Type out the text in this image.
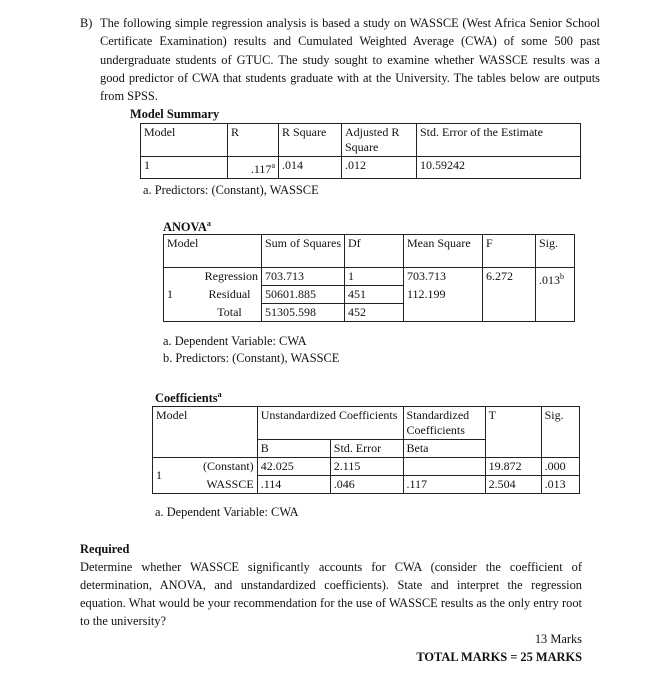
B) The following simple regression analysis is based a study on WASSCE (West Africa Senior School Certificate Examination) results and Cumulated Weighted Average (CWA) of some 500 past undergraduate students of GTUC. The study sought to examine whether WASSCE results was a good predictor of CWA that students graduate with at the University. The tables below are outputs from SPSS.
Model Summary
Model	R	R Square	Adjusted R Square	Std. Error of the Estimate
1	.117$^a$	.014	.012	10.59242
a. Predictors: (Constant), WASSCE
ANOVA$^a$
Model		Sum of Squares	Df	Mean Square	F	Sig.
1	Regression	703.713	1	703.713	6.272	.013$^b$
	Residual	50601.885	451	112.199		
	Total	51305.598	452			
a. Dependent Variable: CWA
b. Predictors: (Constant), WASSCE
Coefficients$^a$
Model		Unstandardized Coefficients		Standardized Coefficients	T	Sig.

		B	Std. Error	Beta		
1	(Constant)	42.025	2.115		19.872	.000
	WASSCE	.114	.046	.117	2.504	.013
a. Dependent Variable: CWA
Required
Determine whether WASSCE significantly accounts for CWA (consider the coefficient of determination, ANOVA, and unstandardized coefficients). State and interpret the regression equation. What would be your recommendation for the use of WASSCE results as the only entry root to the university?
13 Marks
TOTAL MARKS = 25 MARKS
